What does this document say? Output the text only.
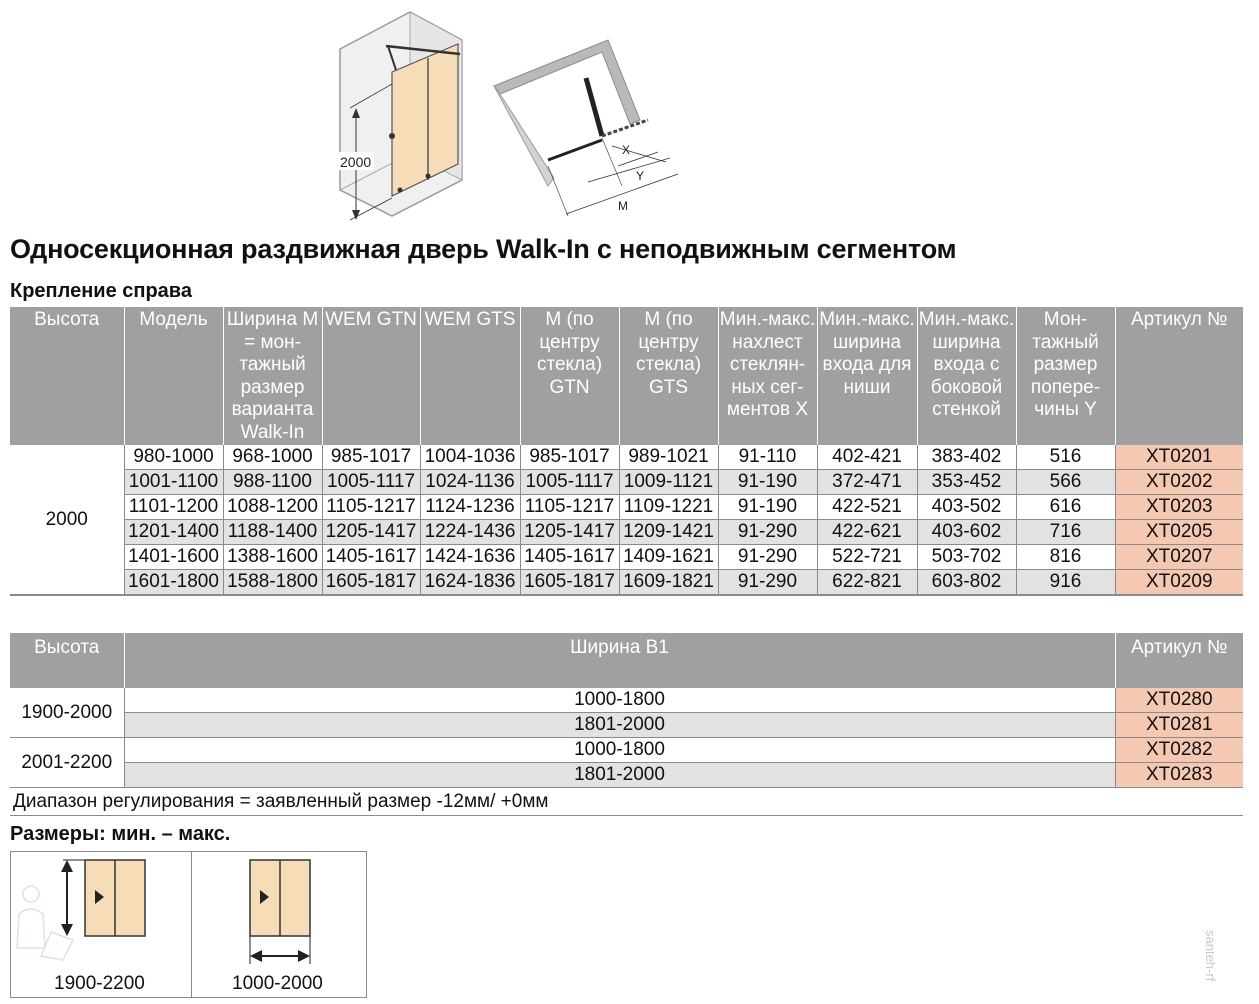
2000
X
Y
M
Односекционная раздвижная дверь Walk-In с неподвижным сегментом
Крепление справа
Высота	Модель	Ширина М = мон-тажный размер варианта Walk-In	WEM GTN	WEM GTS	М (по центру стекла) GTN	М (по центру стекла) GTS	Мин.-макс. нахлест стеклян-ных сег-ментов X	Мин.-макс. ширина входа для ниши	Мин.-макс. ширина входа с боковой стенкой	Мон-тажный размер попере-чины Y	Артикул №
2000	980-1000	968-1000	985-1017	1004-1036	985-1017	989-1021	91-110	402-421	383-402	516	XT0201
	1001-1100	988-1100	1005-1117	1024-1136	1005-1117	1009-1121	91-190	372-471	353-452	566	XT0202
	1101-1200	1088-1200	1105-1217	1124-1236	1105-1217	1109-1221	91-190	422-521	403-502	616	XT0203
	1201-1400	1188-1400	1205-1417	1224-1436	1205-1417	1209-1421	91-290	422-621	403-602	716	XT0205
	1401-1600	1388-1600	1405-1617	1424-1636	1405-1617	1409-1621	91-290	522-721	503-702	816	XT0207
	1601-1800	1588-1800	1605-1817	1624-1836	1605-1817	1609-1821	91-290	622-821	603-802	916	XT0209
Высота	Ширина B1	Артикул №
1900-2000	1000-1800	XT0280
	1801-2000	XT0281
2001-2200	1000-1800	XT0282
	1801-2000	XT0283
Диапазон регулирования = заявленный размер -12мм/ +0мм		
Размеры: мин. – макс.
1900-2200	1000-2000
santeh-rf
